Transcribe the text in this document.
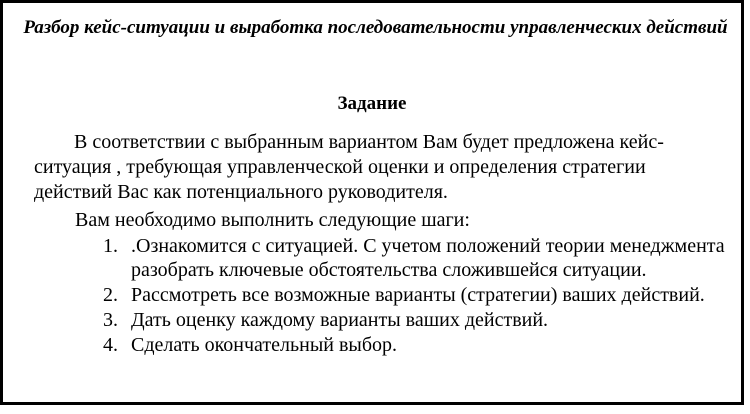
Разбор кейс-ситуации и выработка последовательности управленческих действий

Задание

В соответствии с выбранным вариантом Вам будет предложена кейс-ситуация , требующая управленческой оценки и определения стратегии действий Вас как потенциального руководителя.

Вам необходимо выполнить следующие шаги:

1. .Ознакомится с ситуацией. С учетом положений теории менеджмента разобрать ключевые обстоятельства сложившейся ситуации.
2. Рассмотреть все возможные варианты (стратегии) ваших действий.
3. Дать оценку каждому варианты ваших действий.
4. Сделать окончательный выбор.
